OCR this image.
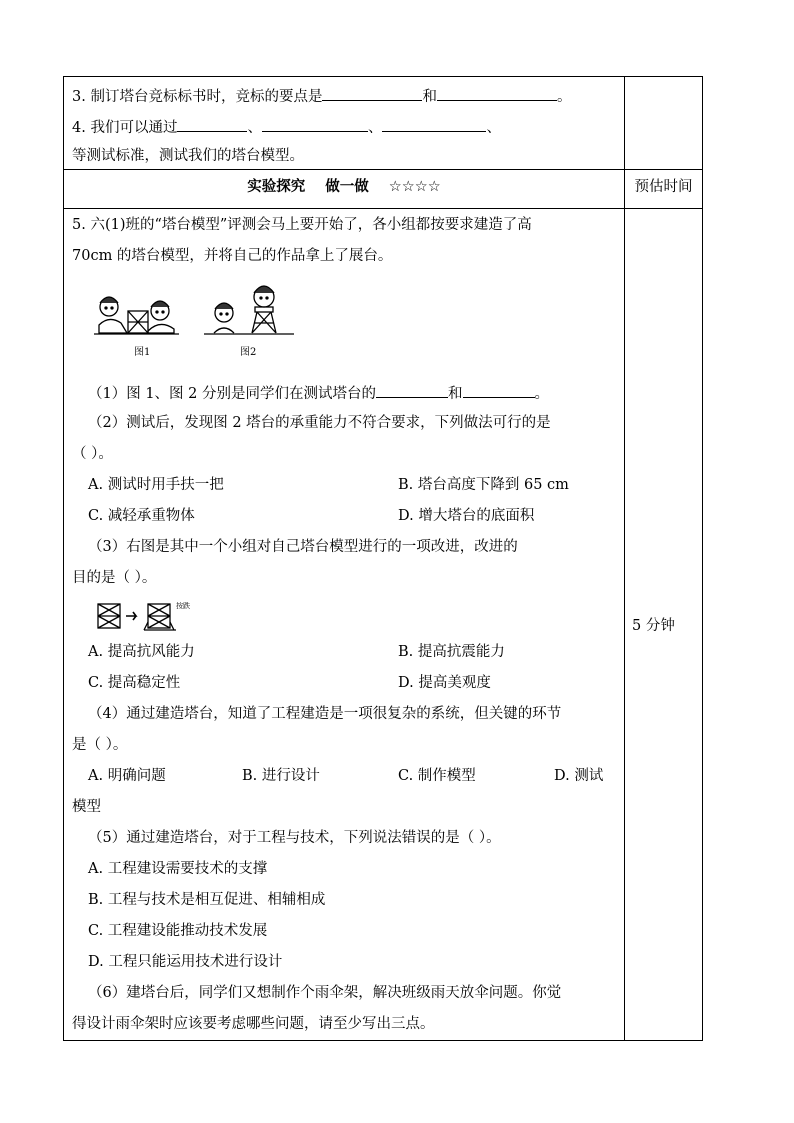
3. 制订塔台竞标标书时，竞标的要点是	和	。
4. 我们可以通过	、	、	、
等测试标准，测试我们的塔台模型。
实验探究 做一做 ☆☆☆☆	预估时间
5. 六(1)班的“塔台模型”评测会马上要开始了，各小组都按要求建造了高
70cm 的塔台模型，并将自己的作品拿上了展台。
图1	图2
（1）图 1、图 2 分别是同学们在测试塔台的	和	。
（2）测试后，发现图 2 塔台的承重能力不符合要求，下列做法可行的是
（ ）。
A. 测试时用手扶一把	B. 塔台高度下降到 65 cm
C. 减轻承重物体	D. 增大塔台的底面积
（3）右图是其中一个小组对自己塔台模型进行的一项改进，改进的
目的是（ ）。
按跌
A. 提高抗风能力	B. 提高抗震能力
C. 提高稳定性	D. 提高美观度
（4）通过建造塔台，知道了工程建造是一项很复杂的系统，但关键的环节
是（ ）。
A. 明确问题	B. 进行设计	C. 制作模型	D. 测试
模型
（5）通过建造塔台，对于工程与技术，下列说法错误的是（ ）。
A. 工程建设需要技术的支撑
B. 工程与技术是相互促进、相辅相成
C. 工程建设能推动技术发展
D. 工程只能运用技术进行设计
（6）建塔台后，同学们又想制作个雨伞架，解决班级雨天放伞问题。你觉
得设计雨伞架时应该要考虑哪些问题，请至少写出三点。
5 分钟
